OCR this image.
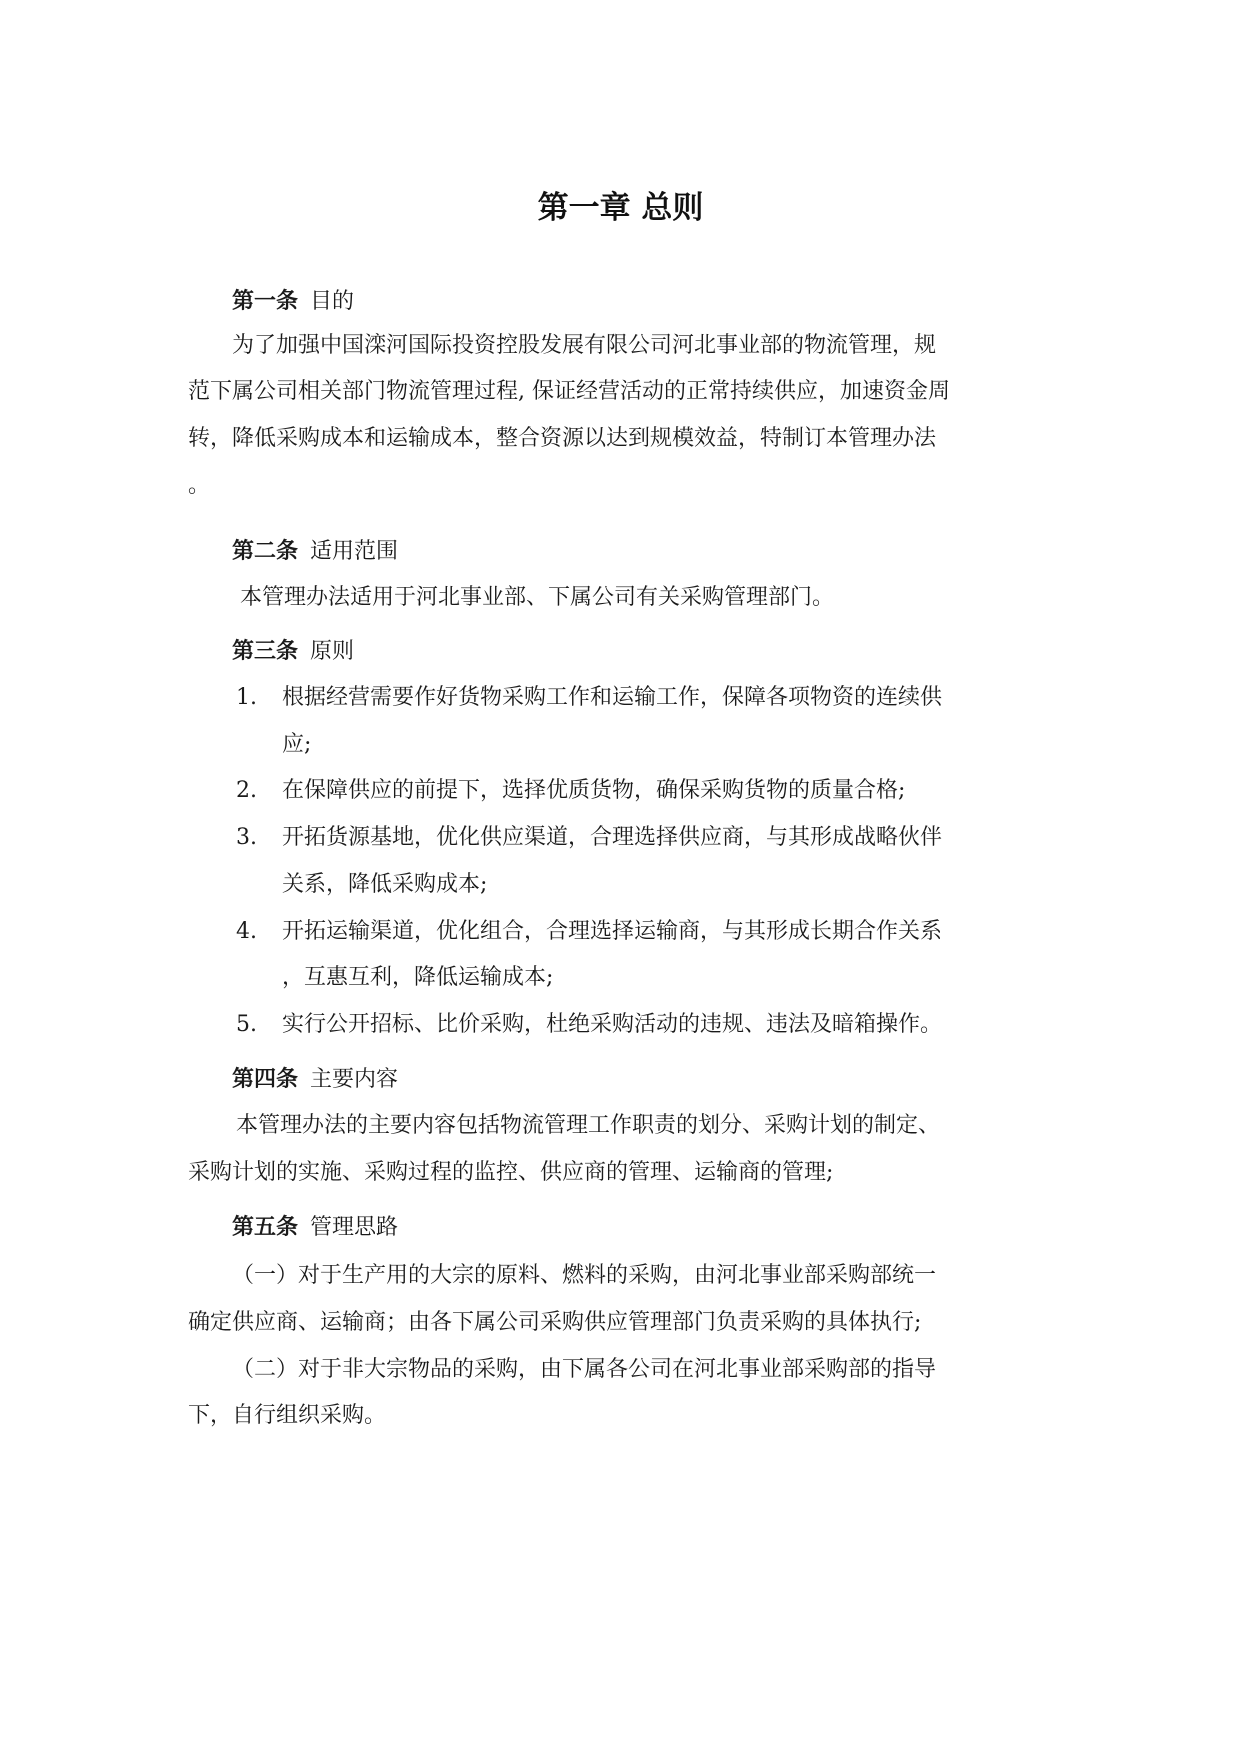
第一章 总则
第一条 目的

为了加强中国滦河国际投资控股发展有限公司河北事业部的物流管理，规

范下属公司相关部门物流管理过程, 保证经营活动的正常持续供应，加速资金周

转，降低采购成本和运输成本，整合资源以达到规模效益，特制订本管理办法

。

第二条 适用范围

本管理办法适用于河北事业部、下属公司有关采购管理部门。

第三条 原则

1. 根据经营需要作好货物采购工作和运输工作，保障各项物资的连续供

应;

2. 在保障供应的前提下，选择优质货物，确保采购货物的质量合格;

3. 开拓货源基地，优化供应渠道，合理选择供应商，与其形成战略伙伴

关系，降低采购成本;

4. 开拓运输渠道，优化组合，合理选择运输商，与其形成长期合作关系

，互惠互利，降低运输成本;

5. 实行公开招标、比价采购，杜绝采购活动的违规、违法及暗箱操作。

第四条 主要内容

本管理办法的主要内容包括物流管理工作职责的划分、采购计划的制定、

采购计划的实施、采购过程的监控、供应商的管理、运输商的管理;

第五条 管理思路

（一）对于生产用的大宗的原料、燃料的采购，由河北事业部采购部统一

确定供应商、运输商；由各下属公司采购供应管理部门负责采购的具体执行;

（二）对于非大宗物品的采购，由下属各公司在河北事业部采购部的指导

下，自行组织采购。
